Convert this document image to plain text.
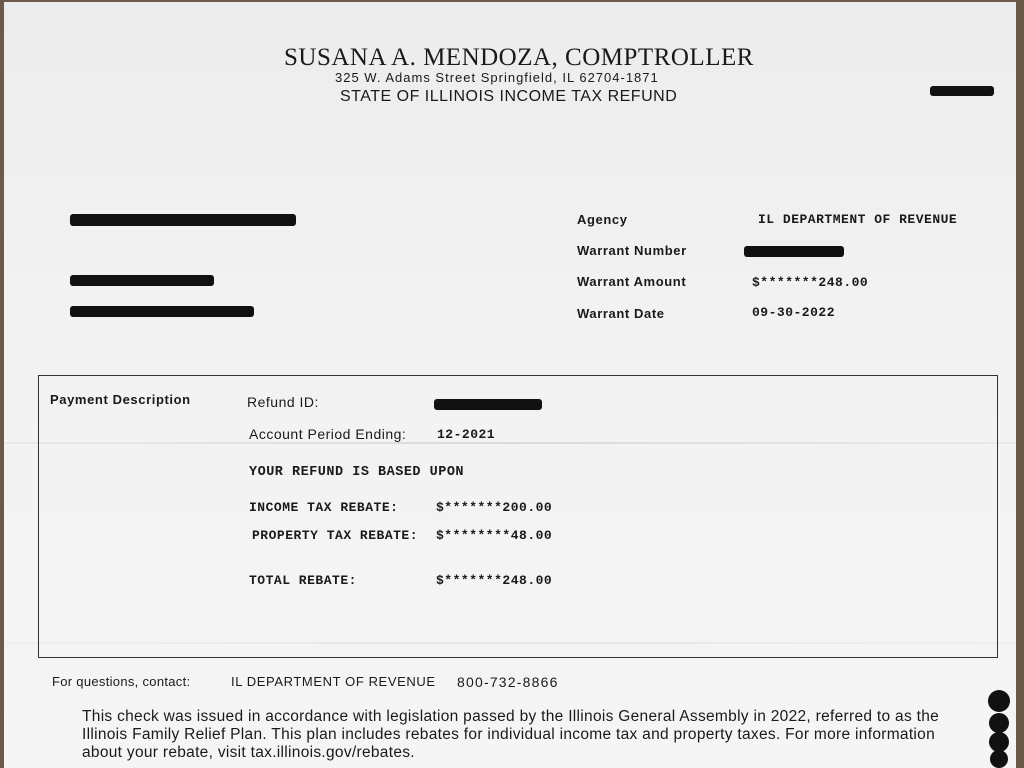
SUSANA A. MENDOZA, COMPTROLLER
325 W. Adams Street Springfield, IL 62704-1871
STATE OF ILLINOIS INCOME TAX REFUND
Agency	IL DEPARTMENT OF REVENUE
Warrant Number
Warrant Amount	$*******248.00
Warrant Date	09-30-2022
Payment Description	Refund ID:
Account Period Ending: 12-2021
YOUR REFUND IS BASED UPON
INCOME TAX REBATE:	$*******200.00
PROPERTY TAX REBATE: $********48.00
TOTAL REBATE:	$*******248.00
For questions, contact:	IL DEPARTMENT OF REVENUE 800-732-8866
This check was issued in accordance with legislation passed by the Illinois General Assembly in 2022, referred to as the Illinois Family Relief Plan. This plan includes rebates for individual income tax and property taxes. For more information about your rebate, visit tax.illinois.gov/rebates.
